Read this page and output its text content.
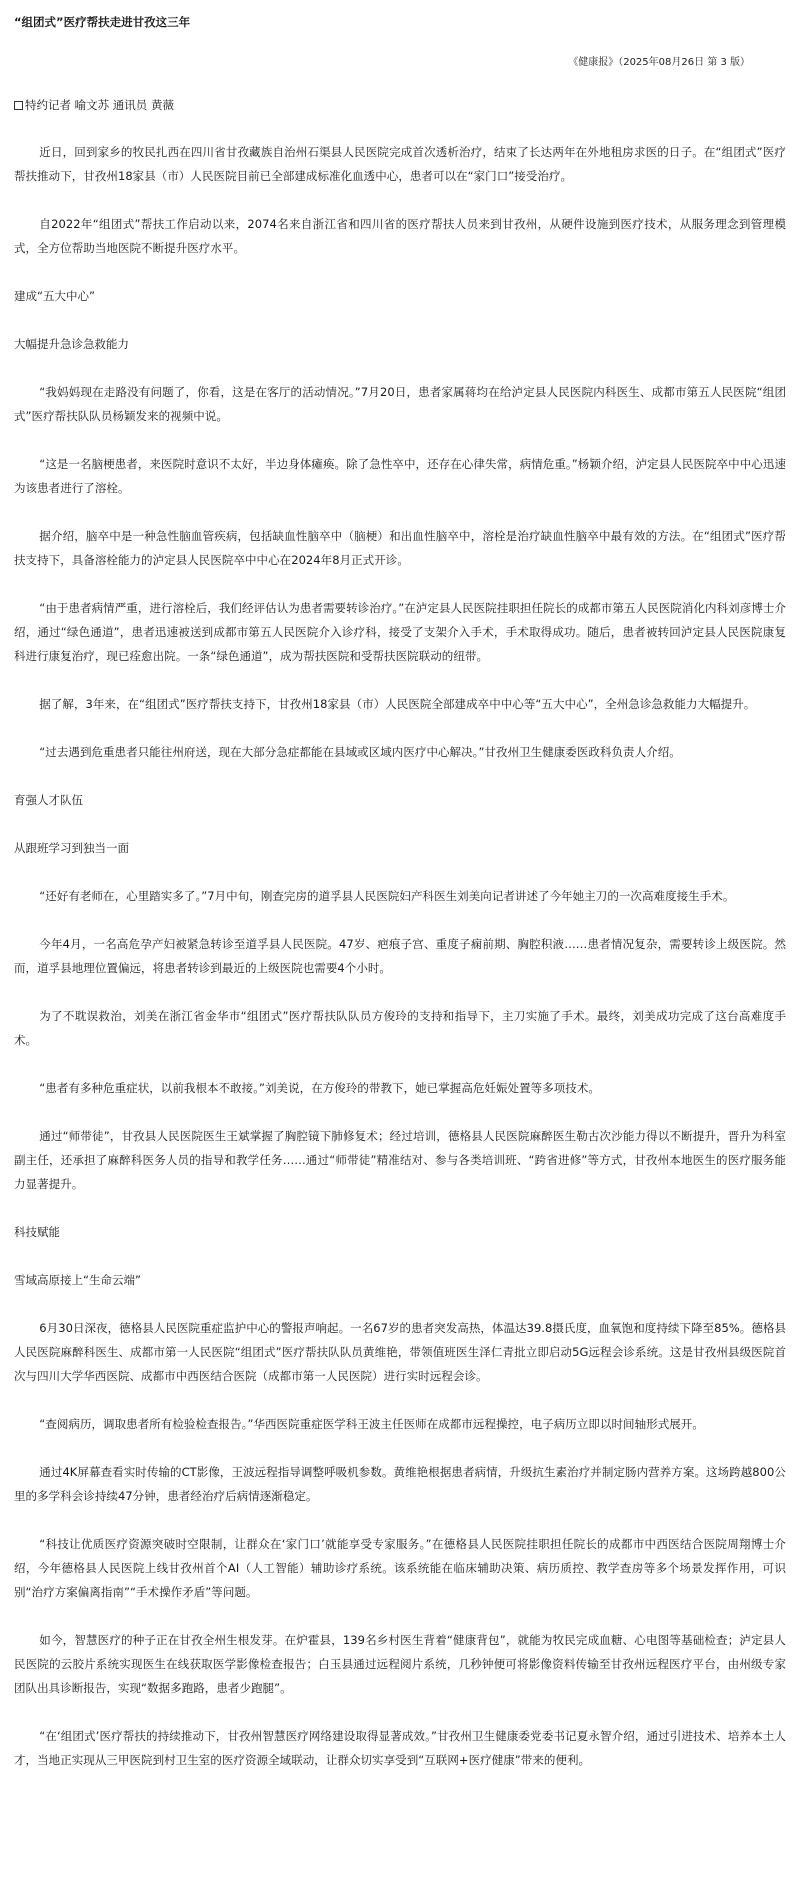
“组团式”医疗帮扶走进甘孜这三年
《健康报》（2025年08月26日 第 3 版）
特约记者 喻文苏 通讯员 黄薇

近日，回到家乡的牧民扎西在四川省甘孜藏族自治州石渠县人民医院完成首次透析治疗，结束了长达两年在外地租房求医的日子。在“组团式”医疗帮扶推动下，甘孜州18家县（市）人民医院目前已全部建成标准化血透中心，患者可以在“家门口”接受治疗。

自2022年“组团式”帮扶工作启动以来，2074名来自浙江省和四川省的医疗帮扶人员来到甘孜州，从硬件设施到医疗技术，从服务理念到管理模式，全方位帮助当地医院不断提升医疗水平。

建成“五大中心”

大幅提升急诊急救能力

“我妈妈现在走路没有问题了，你看，这是在客厅的活动情况。”7月20日，患者家属蒋均在给泸定县人民医院内科医生、成都市第五人民医院“组团式”医疗帮扶队队员杨颖发来的视频中说。

“这是一名脑梗患者，来医院时意识不太好，半边身体瘫痪。除了急性卒中，还存在心律失常，病情危重。”杨颖介绍，泸定县人民医院卒中中心迅速为该患者进行了溶栓。

据介绍，脑卒中是一种急性脑血管疾病，包括缺血性脑卒中（脑梗）和出血性脑卒中，溶栓是治疗缺血性脑卒中最有效的方法。在“组团式”医疗帮扶支持下，具备溶栓能力的泸定县人民医院卒中中心在2024年8月正式开诊。

“由于患者病情严重，进行溶栓后，我们经评估认为患者需要转诊治疗。”在泸定县人民医院挂职担任院长的成都市第五人民医院消化内科刘彦博士介绍，通过“绿色通道”，患者迅速被送到成都市第五人民医院介入诊疗科，接受了支架介入手术，手术取得成功。随后，患者被转回泸定县人民医院康复科进行康复治疗，现已痊愈出院。一条“绿色通道”，成为帮扶医院和受帮扶医院联动的纽带。

据了解，3年来，在“组团式”医疗帮扶支持下，甘孜州18家县（市）人民医院全部建成卒中中心等“五大中心”，全州急诊急救能力大幅提升。

“过去遇到危重患者只能往州府送，现在大部分急症都能在县域或区域内医疗中心解决。”甘孜州卫生健康委医政科负责人介绍。

育强人才队伍

从跟班学习到独当一面

“还好有老师在，心里踏实多了。”7月中旬，刚查完房的道孚县人民医院妇产科医生刘美向记者讲述了今年她主刀的一次高难度接生手术。

今年4月，一名高危孕产妇被紧急转诊至道孚县人民医院。47岁、疤痕子宫、重度子痫前期、胸腔积液……患者情况复杂，需要转诊上级医院。然而，道孚县地理位置偏远，将患者转诊到最近的上级医院也需要4个小时。

为了不耽误救治，刘美在浙江省金华市“组团式”医疗帮扶队队员方俊玲的支持和指导下，主刀实施了手术。最终，刘美成功完成了这台高难度手术。

“患者有多种危重症状，以前我根本不敢接。”刘美说，在方俊玲的带教下，她已掌握高危妊娠处置等多项技术。

通过“师带徒”，甘孜县人民医院医生王斌掌握了胸腔镜下肺修复术；经过培训，德格县人民医院麻醉医生勒古次沙能力得以不断提升，晋升为科室副主任，还承担了麻醉科医务人员的指导和教学任务……通过“师带徒”精准结对、参与各类培训班、“跨省进修”等方式，甘孜州本地医生的医疗服务能力显著提升。

科技赋能

雪域高原接上“生命云端”

6月30日深夜，德格县人民医院重症监护中心的警报声响起。一名67岁的患者突发高热，体温达39.8摄氏度，血氧饱和度持续下降至85%。德格县人民医院麻醉科医生、成都市第一人民医院“组团式”医疗帮扶队队员黄维艳，带领值班医生泽仁青批立即启动5G远程会诊系统。这是甘孜州县级医院首次与四川大学华西医院、成都市中西医结合医院（成都市第一人民医院）进行实时远程会诊。

“查阅病历，调取患者所有检验检查报告。”华西医院重症医学科王波主任医师在成都市远程操控，电子病历立即以时间轴形式展开。

通过4K屏幕查看实时传输的CT影像，王波远程指导调整呼吸机参数。黄维艳根据患者病情，升级抗生素治疗并制定肠内营养方案。这场跨越800公里的多学科会诊持续47分钟，患者经治疗后病情逐渐稳定。

“科技让优质医疗资源突破时空限制，让群众在‘家门口’就能享受专家服务。”在德格县人民医院挂职担任院长的成都市中西医结合医院周翔博士介绍，今年德格县人民医院上线甘孜州首个AI（人工智能）辅助诊疗系统。该系统能在临床辅助决策、病历质控、教学查房等多个场景发挥作用，可识别“治疗方案偏离指南”“手术操作矛盾”等问题。

如今，智慧医疗的种子正在甘孜全州生根发芽。在炉霍县，139名乡村医生背着“健康背包”，就能为牧民完成血糖、心电图等基础检查；泸定县人民医院的云胶片系统实现医生在线获取医学影像检查报告；白玉县通过远程阅片系统，几秒钟便可将影像资料传输至甘孜州远程医疗平台，由州级专家团队出具诊断报告，实现“数据多跑路，患者少跑腿”。

“在‘组团式’医疗帮扶的持续推动下，甘孜州智慧医疗网络建设取得显著成效。”甘孜州卫生健康委党委书记夏永智介绍，通过引进技术、培养本土人才，当地正实现从三甲医院到村卫生室的医疗资源全域联动，让群众切实享受到“互联网+医疗健康”带来的便利。
